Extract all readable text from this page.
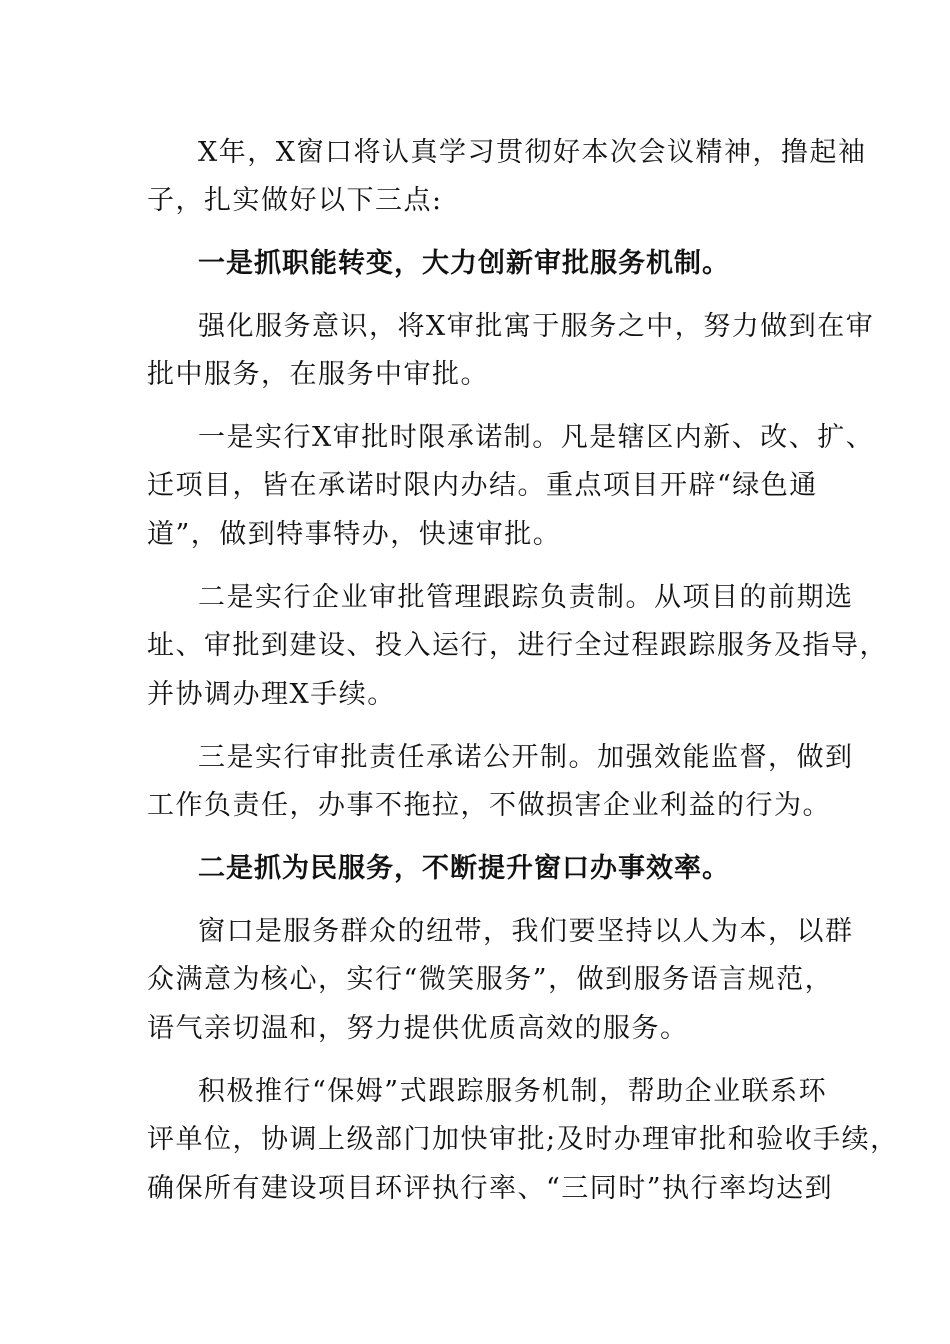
X年，X窗口将认真学习贯彻好本次会议精神，撸起袖
子，扎实做好以下三点:
一是抓职能转变，大力创新审批服务机制。
强化服务意识，将X审批寓于服务之中，努力做到在审
批中服务，在服务中审批。
一是实行X审批时限承诺制。凡是辖区内新、改、扩、
迁项目，皆在承诺时限内办结。重点项目开辟“绿色通
道”，做到特事特办，快速审批。
二是实行企业审批管理跟踪负责制。从项目的前期选
址、审批到建设、投入运行，进行全过程跟踪服务及指导，
并协调办理X手续。
三是实行审批责任承诺公开制。加强效能监督，做到
工作负责任，办事不拖拉，不做损害企业利益的行为。
二是抓为民服务，不断提升窗口办事效率。
窗口是服务群众的纽带，我们要坚持以人为本，以群
众满意为核心，实行“微笑服务”，做到服务语言规范，
语气亲切温和，努力提供优质高效的服务。
积极推行“保姆”式跟踪服务机制，帮助企业联系环
评单位，协调上级部门加快审批;及时办理审批和验收手续，
确保所有建设项目环评执行率、“三同时”执行率均达到
